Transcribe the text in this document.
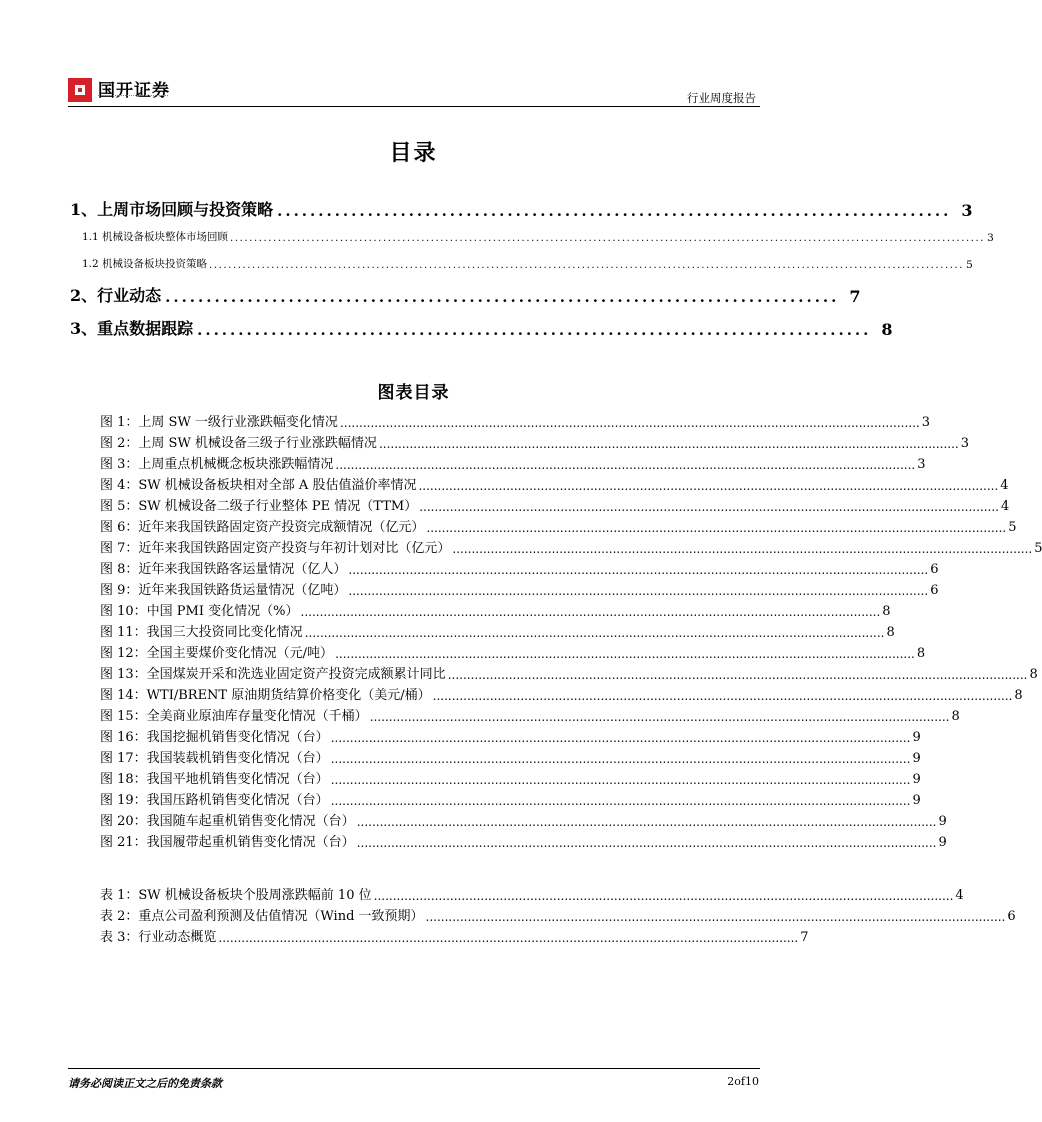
国开证券	行业周度报告
目录
1、上周市场回顾与投资策略 .................................................................................. 3
1.1 机械设备板块整体市场回顾 .............................................................................................................................................................. 3
1.2 机械设备板块投资策略 .............................................................................................................................................................. 5
2、行业动态 .................................................................................. 7
3、重点数据跟踪 .................................................................................. 8
图表目录
图 1：上周 SW 一级行业涨跌幅变化情况 ........................................................................................................................................................ 3
图 2：上周 SW 机械设备三级子行业涨跌幅情况 ........................................................................................................................................................ 3
图 3：上周重点机械概念板块涨跌幅情况 ........................................................................................................................................................ 3
图 4：SW 机械设备板块相对全部 A 股估值溢价率情况 ........................................................................................................................................................ 4
图 5：SW 机械设备二级子行业整体 PE 情况（TTM） ........................................................................................................................................................ 4
图 6：近年来我国铁路固定资产投资完成额情况（亿元） ........................................................................................................................................................ 5
图 7：近年来我国铁路固定资产投资与年初计划对比（亿元） ........................................................................................................................................................ 5
图 8：近年来我国铁路客运量情况（亿人） ........................................................................................................................................................ 6
图 9：近年来我国铁路货运量情况（亿吨） ........................................................................................................................................................ 6
图 10：中国 PMI 变化情况（%） ........................................................................................................................................................ 8
图 11：我国三大投资同比变化情况 ........................................................................................................................................................ 8
图 12：全国主要煤价变化情况（元/吨） ........................................................................................................................................................ 8
图 13：全国煤炭开采和洗选业固定资产投资完成额累计同比 ........................................................................................................................................................ 8
图 14：WTI/BRENT 原油期货结算价格变化（美元/桶） ........................................................................................................................................................ 8
图 15：全美商业原油库存量变化情况（千桶） ........................................................................................................................................................ 8
图 16：我国挖掘机销售变化情况（台） ........................................................................................................................................................ 9
图 17：我国装载机销售变化情况（台） ........................................................................................................................................................ 9
图 18：我国平地机销售变化情况（台） ........................................................................................................................................................ 9
图 19：我国压路机销售变化情况（台） ........................................................................................................................................................ 9
图 20：我国随车起重机销售变化情况（台） ........................................................................................................................................................ 9
图 21：我国履带起重机销售变化情况（台） ........................................................................................................................................................ 9
表 1：SW 机械设备板块个股周涨跌幅前 10 位 ........................................................................................................................................................ 4
表 2：重点公司盈利预测及估值情况（Wind 一致预期） ........................................................................................................................................................ 6
表 3：行业动态概览 ........................................................................................................................................................ 7
请务必阅读正文之后的免责条款	2of10
